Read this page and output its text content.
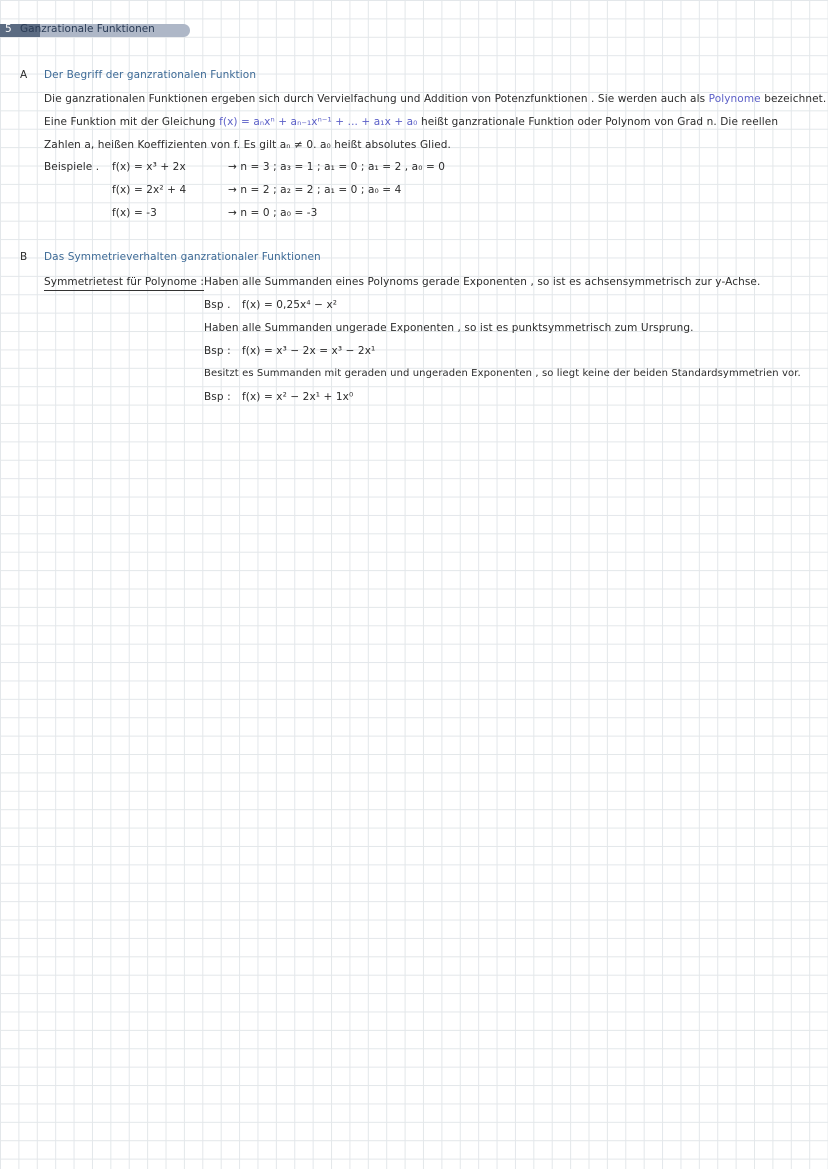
5 Ganzrationale Funktionen
A Der Begriff der ganzrationalen Funktion
Die ganzrationalen Funktionen ergeben sich durch Vervielfachung und Addition von Potenzfunktionen . Sie werden auch als Polynome bezeichnet.
Eine Funktion mit der Gleichung f(x) = aₙxⁿ + aₙ₋₁xⁿ⁻¹ + ... + a₁x + a₀ heißt ganzrationale Funktion oder Polynom von Grad n. Die reellen
Zahlen a, heißen Koeffizienten von f. Es gilt aₙ ≠ 0. a₀ heißt absolutes Glied.
Beispiele . f(x) = x³ + 2x	→ n = 3 ; a₃ = 1 ; a₁ = 0 ; a₁ = 2 , a₀ = 0
f(x) = 2x² + 4	→ n = 2 ; a₂ = 2 ; a₁ = 0 ; a₀ = 4
f(x) = -3	→ n = 0 ; a₀ = -3
B Das Symmetrieverhalten ganzrationaler Funktionen
Symmetrietest für Polynome : Haben alle Summanden eines Polynoms gerade Exponenten , so ist es achsensymmetrisch zur y-Achse.
Bsp . f(x) = 0,25x⁴ − x²
Haben alle Summanden ungerade Exponenten , so ist es punktsymmetrisch zum Ursprung.
Bsp : f(x) = x³ − 2x = x³ − 2x¹
Besitzt es Summanden mit geraden und ungeraden Exponenten , so liegt keine der beiden Standardsymmetrien vor.
Bsp : f(x) = x² − 2x¹ + 1x⁰
